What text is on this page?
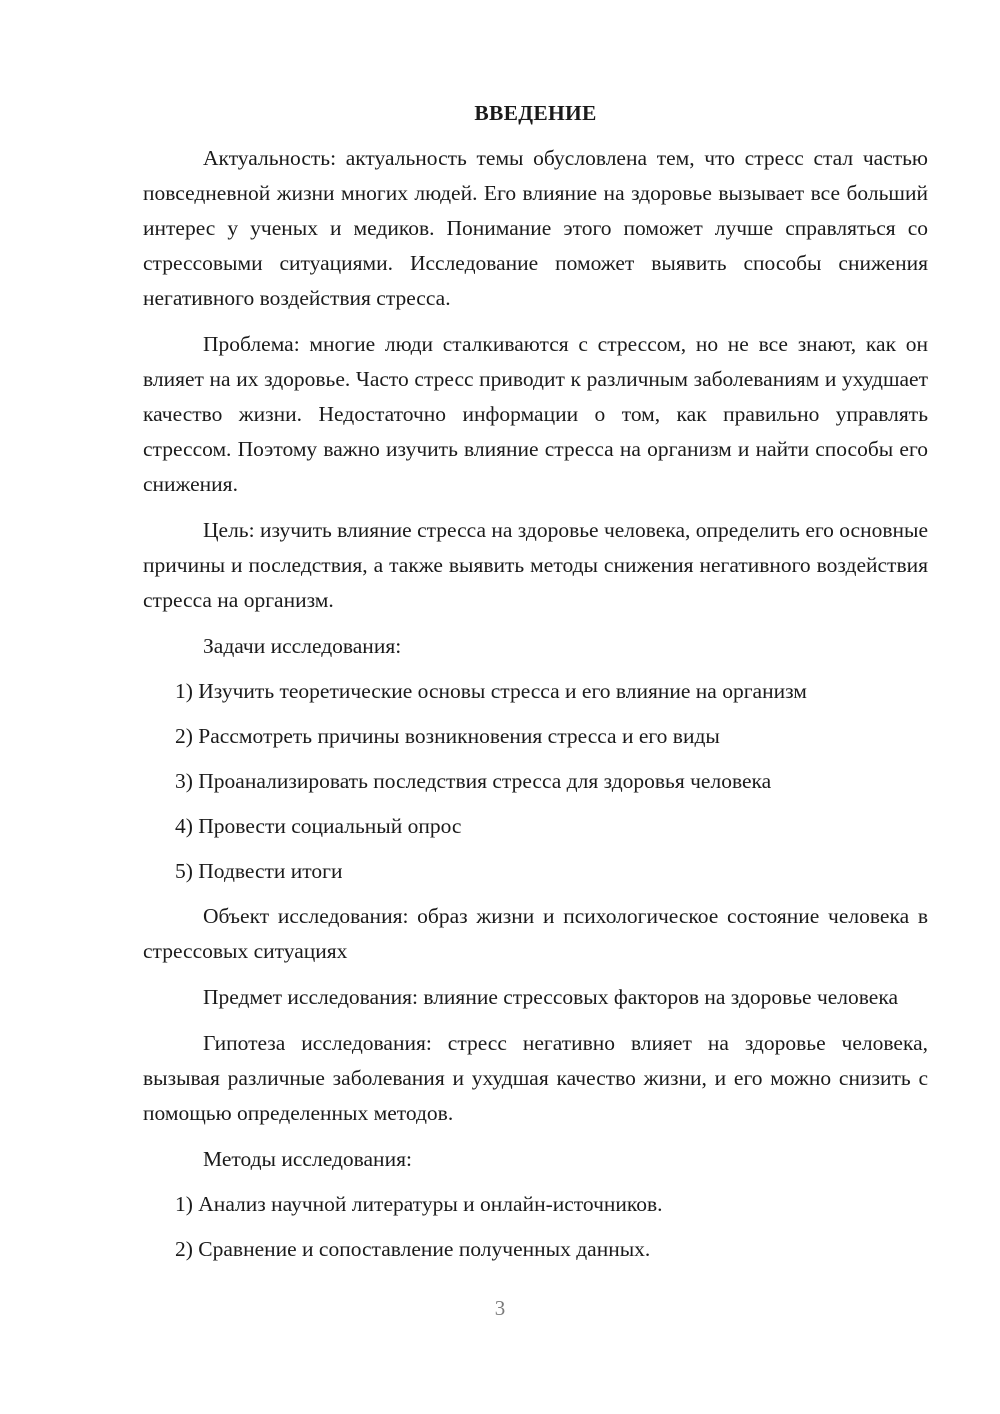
ВВЕДЕНИЕ

Актуальность: актуальность темы обусловлена тем, что стресс стал частью повседневной жизни многих людей. Его влияние на здоровье вызывает все больший интерес у ученых и медиков. Понимание этого поможет лучше справляться со стрессовыми ситуациями. Исследование поможет выявить способы снижения негативного воздействия стресса.

Проблема: многие люди сталкиваются с стрессом, но не все знают, как он влияет на их здоровье. Часто стресс приводит к различным заболеваниям и ухудшает качество жизни. Недостаточно информации о том, как правильно управлять стрессом. Поэтому важно изучить влияние стресса на организм и найти способы его снижения.

Цель: изучить влияние стресса на здоровье человека, определить его основные причины и последствия, а также выявить методы снижения негативного воздействия стресса на организм.

Задачи исследования:

1) Изучить теоретические основы стресса и его влияние на организм
2) Рассмотреть причины возникновения стресса и его виды
3) Проанализировать последствия стресса для здоровья человека
4) Провести социальный опрос
5) Подвести итоги

Объект исследования: образ жизни и психологическое состояние человека в стрессовых ситуациях

Предмет исследования: влияние стрессовых факторов на здоровье человека

Гипотеза исследования: стресс негативно влияет на здоровье человека, вызывая различные заболевания и ухудшая качество жизни, и его можно снизить с помощью определенных методов.

Методы исследования:

1) Анализ научной литературы и онлайн-источников.
2) Сравнение и сопоставление полученных данных.
3
